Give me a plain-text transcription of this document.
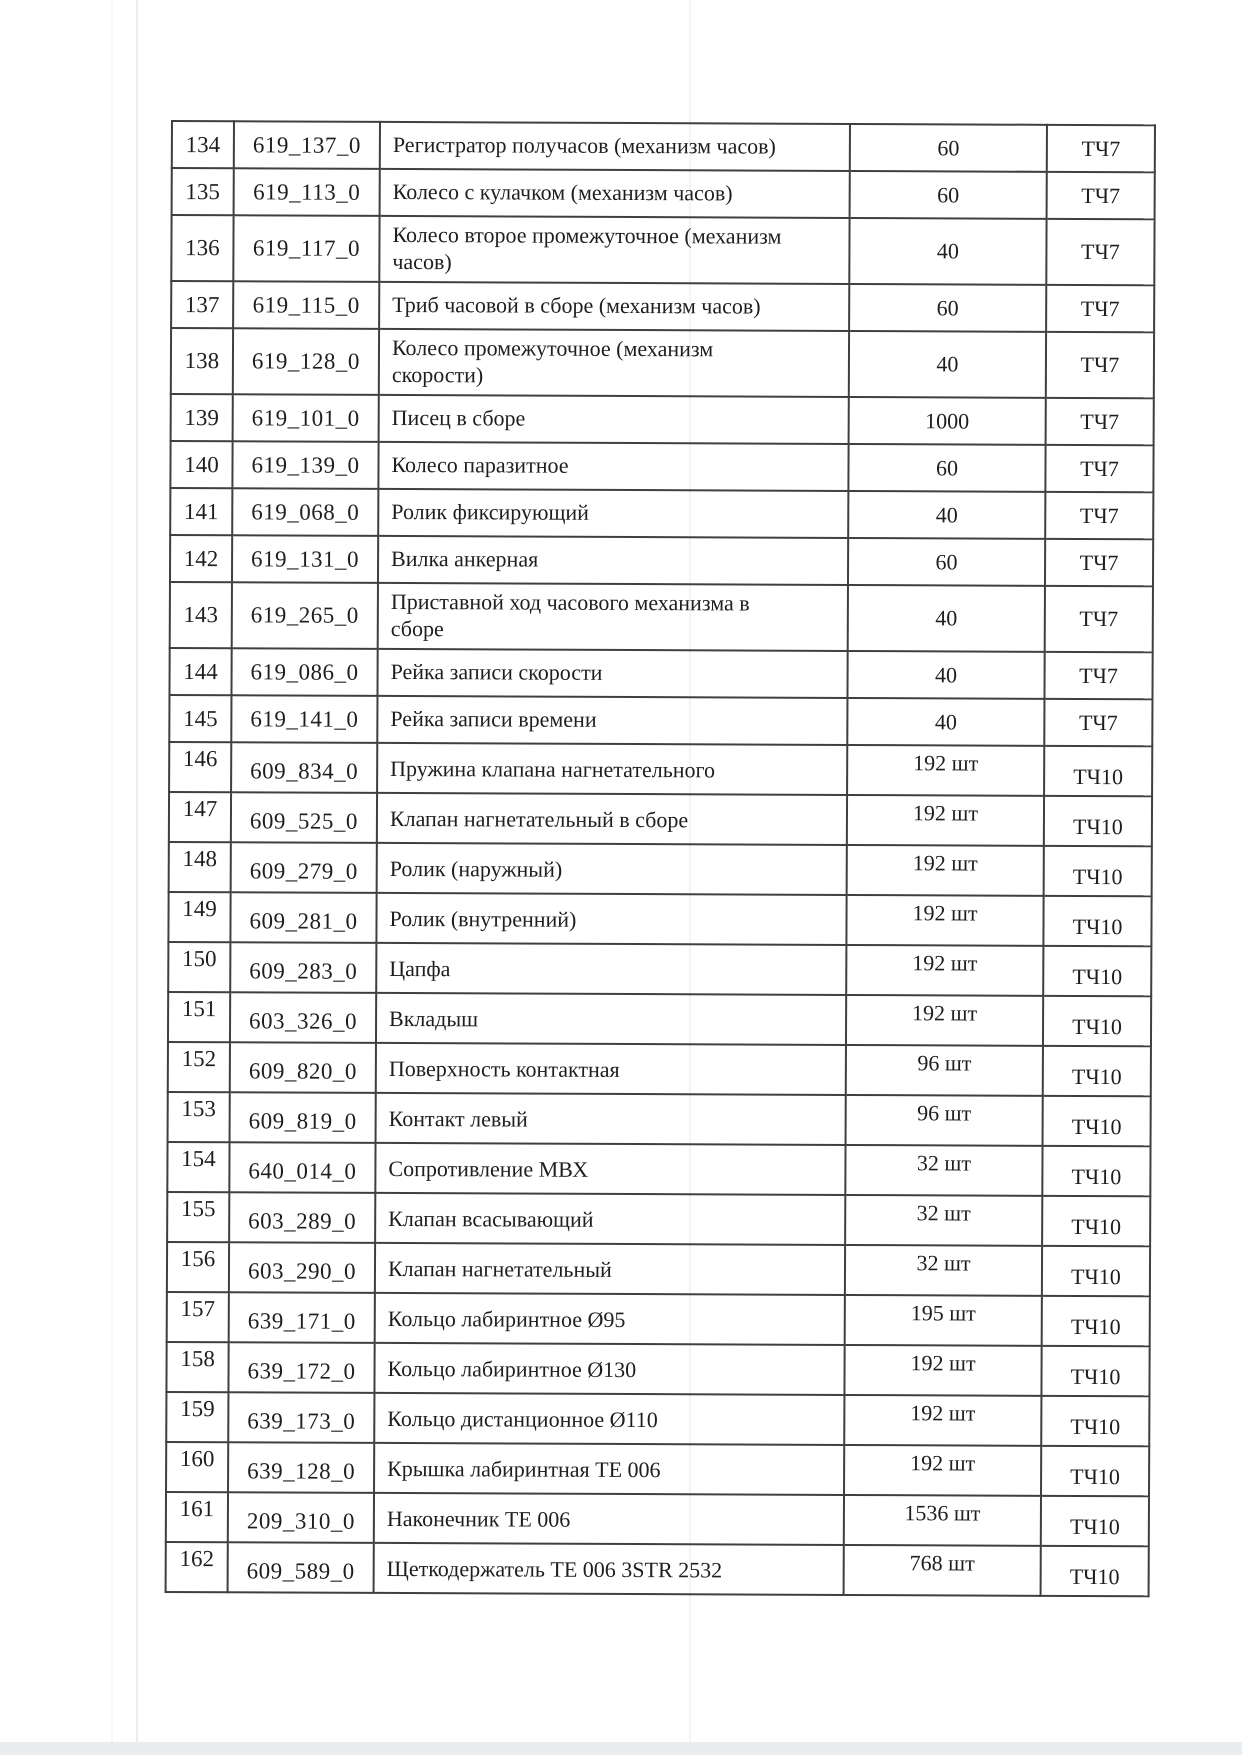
134	619_137_0	Регистратор получасов (механизм часов)	60	ТЧ7
135	619_113_0	Колесо с кулачком (механизм часов)	60	ТЧ7
136	619_117_0	Колесо второе промежуточное (механизм
часов)	40	ТЧ7
137	619_115_0	Триб часовой в сборе (механизм часов)	60	ТЧ7
138	619_128_0	Колесо промежуточное (механизм
скорости)	40	ТЧ7
139	619_101_0	Писец в сборе	1000	ТЧ7
140	619_139_0	Колесо паразитное	60	ТЧ7
141	619_068_0	Ролик фиксирующий	40	ТЧ7
142	619_131_0	Вилка анкерная	60	ТЧ7
143	619_265_0	Приставной ход часового механизма в
сборе	40	ТЧ7
144	619_086_0	Рейка записи скорости	40	ТЧ7
145	619_141_0	Рейка записи времени	40	ТЧ7
146	609_834_0	Пружина клапана нагнетательного	192 шт	ТЧ10
147	609_525_0	Клапан нагнетательный в сборе	192 шт	ТЧ10
148	609_279_0	Ролик (наружный)	192 шт	ТЧ10
149	609_281_0	Ролик (внутренний)	192 шт	ТЧ10
150	609_283_0	Цапфа	192 шт	ТЧ10
151	603_326_0	Вкладыш	192 шт	ТЧ10
152	609_820_0	Поверхность контактная	96 шт	ТЧ10
153	609_819_0	Контакт левый	96 шт	ТЧ10
154	640_014_0	Сопротивление МВХ	32 шт	ТЧ10
155	603_289_0	Клапан всасывающий	32 шт	ТЧ10
156	603_290_0	Клапан нагнетательный	32 шт	ТЧ10
157	639_171_0	Кольцо лабиринтное Ø95	195 шт	ТЧ10
158	639_172_0	Кольцо лабиринтное Ø130	192 шт	ТЧ10
159	639_173_0	Кольцо дистанционное Ø110	192 шт	ТЧ10
160	639_128_0	Крышка лабиринтная ТЕ 006	192 шт	ТЧ10
161	209_310_0	Наконечник ТЕ 006	1536 шт	ТЧ10
162	609_589_0	Щеткодержатель ТЕ 006 3STR 2532	768 шт	ТЧ10
